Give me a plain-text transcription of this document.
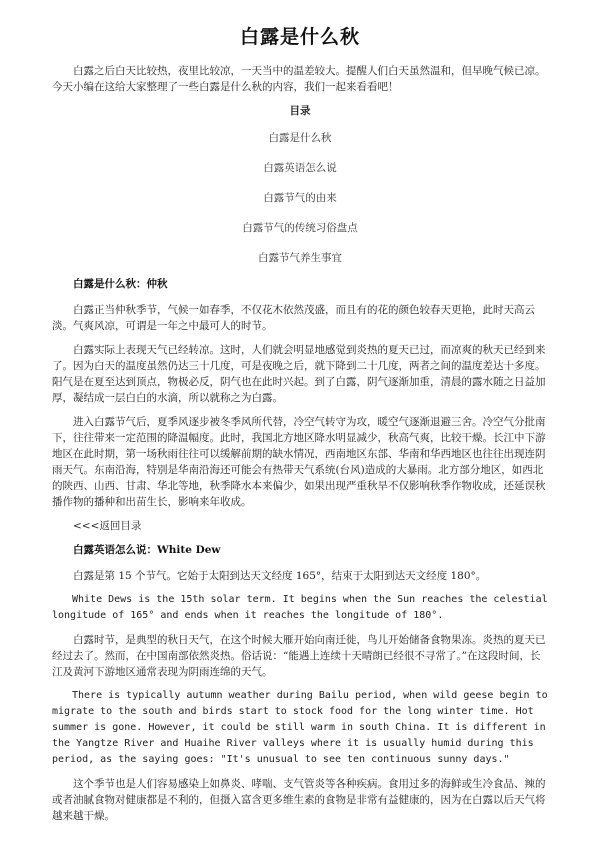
白露是什么秋

白露之后白天比较热，夜里比较凉，一天当中的温差较大。提醒人们白天虽然温和，但早晚气候已凉。今天小编在这给大家整理了一些白露是什么秋的内容，我们一起来看看吧！

目录
白露是什么秋
白露英语怎么说
白露节气的由来
白露节气的传统习俗盘点
白露节气养生事宜
白露是什么秋：仲秋

白露正当仲秋季节，气候一如春季，不仅花木依然茂盛，而且有的花的颜色较春天更艳，此时天高云淡。气爽风凉，可谓是一年之中最可人的时节。

白露实际上表现天气已经转凉。这时，人们就会明显地感觉到炎热的夏天已过，而凉爽的秋天已经到来了。因为白天的温度虽然仍达三十几度，可是夜晚之后，就下降到二十几度，两者之间的温度差达十多度。阳气是在夏至达到顶点，物极必反，阴气也在此时兴起。到了白露，阴气逐渐加重，清晨的露水随之日益加厚，凝结成一层白白的水滴，所以就称之为白露。

进入白露节气后，夏季风逐步被冬季风所代替，冷空气转守为攻，暖空气逐渐退避三舍。冷空气分批南下，往往带来一定范围的降温幅度。此时，我国北方地区降水明显减少，秋高气爽，比较干燥。长江中下游地区在此时期，第一场秋雨往往可以缓解前期的缺水情况，西南地区东部、华南和华西地区也往往出现连阴雨天气。东南沿海，特别是华南沿海还可能会有热带天气系统(台风)造成的大暴雨。北方部分地区，如西北的陕西、山西、甘肃、华北等地，秋季降水本来偏少，如果出现严重秋旱不仅影响秋季作物收成，还延误秋播作物的播种和出苗生长，影响来年收成。

<<<返回目录

白露英语怎么说：White Dew

白露是第 15 个节气。它始于太阳到达天文经度 165°，结束于太阳到达天文经度 180°。

White Dews is the 15th solar term. It begins when the Sun reaches the celestial longitude of 165° and ends when it reaches the longitude of 180°.

白露时节，是典型的秋日天气，在这个时候大雁开始向南迁徙，鸟儿开始储备食物果冻。炎热的夏天已经过去了。然而，在中国南部依然炎热。俗话说：“能遇上连续十天晴朗已经很不寻常了。”在这段时间，长江及黄河下游地区通常表现为阴雨连绵的天气。

There is typically autumn weather during Bailu period, when wild geese begin to migrate to the south and birds start to stock food for the long winter time. Hot summer is gone. However, it could be still warm in south China. It is different in the Yangtze River and Huaihe River valleys where it is usually humid during this period, as the saying goes: "It's unusual to see ten continuous sunny days."

这个季节也是人们容易感染上如鼻炎、哮喘、支气管炎等各种疾病。食用过多的海鲜或生冷食品、辣的或者油腻食物对健康都是不利的，但摄入富含更多维生素的食物是非常有益健康的，因为在白露以后天气将越来越干燥。
